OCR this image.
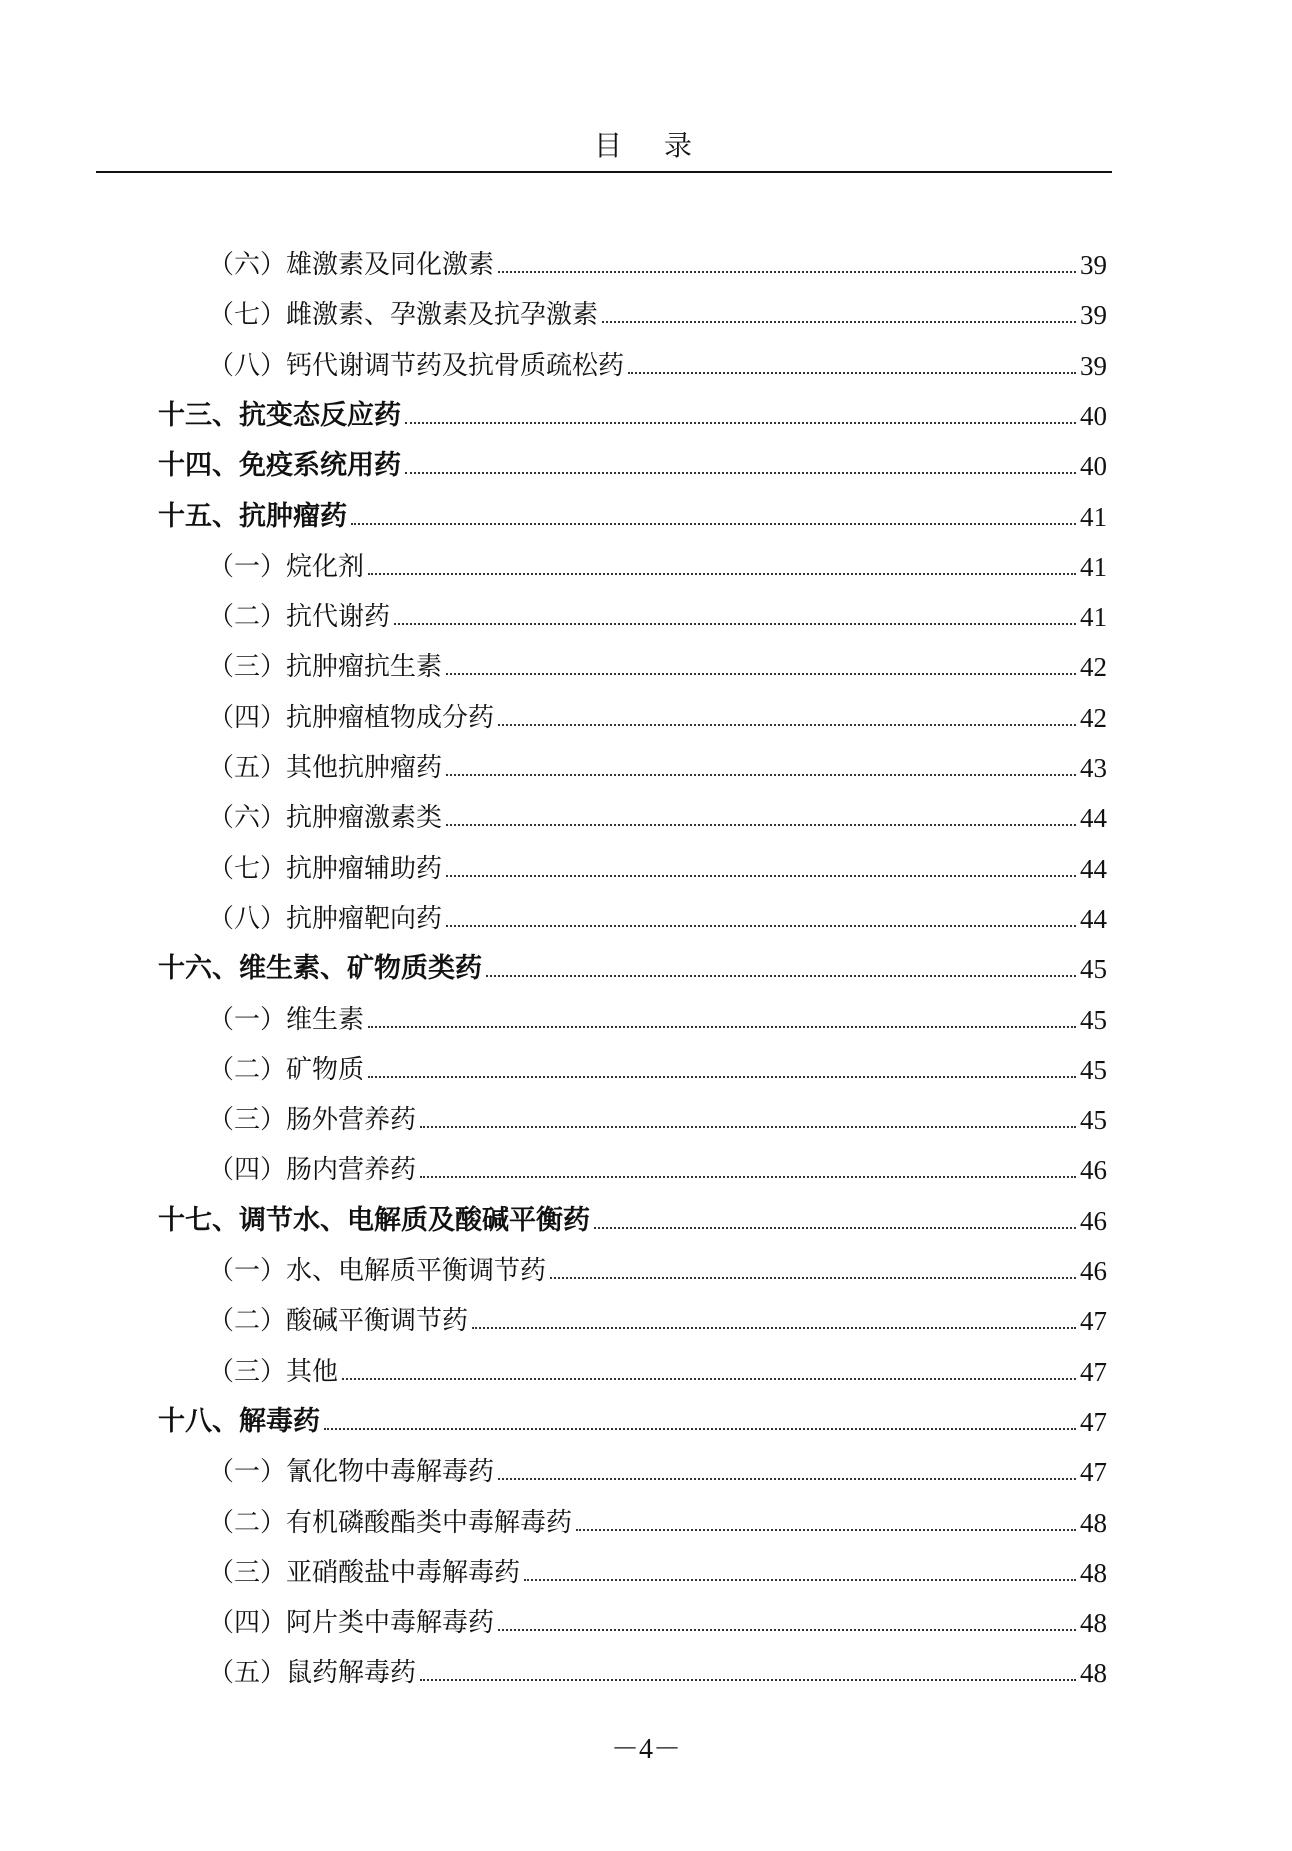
目录
（六）雄激素及同化激素	39
（七）雌激素、孕激素及抗孕激素	39
（八）钙代谢调节药及抗骨质疏松药	39
十三、抗变态反应药	40
十四、免疫系统用药	40
十五、抗肿瘤药	41
（一）烷化剂	41
（二）抗代谢药	41
（三）抗肿瘤抗生素	42
（四）抗肿瘤植物成分药	42
（五）其他抗肿瘤药	43
（六）抗肿瘤激素类	44
（七）抗肿瘤辅助药	44
（八）抗肿瘤靶向药	44
十六、维生素、矿物质类药	45
（一）维生素	45
（二）矿物质	45
（三）肠外营养药	45
（四）肠内营养药	46
十七、调节水、电解质及酸碱平衡药	46
（一）水、电解质平衡调节药	46
（二）酸碱平衡调节药	47
（三）其他	47
十八、解毒药	47
（一）氰化物中毒解毒药	47
（二）有机磷酸酯类中毒解毒药	48
（三）亚硝酸盐中毒解毒药	48
（四）阿片类中毒解毒药	48
（五）鼠药解毒药	48
－4－
